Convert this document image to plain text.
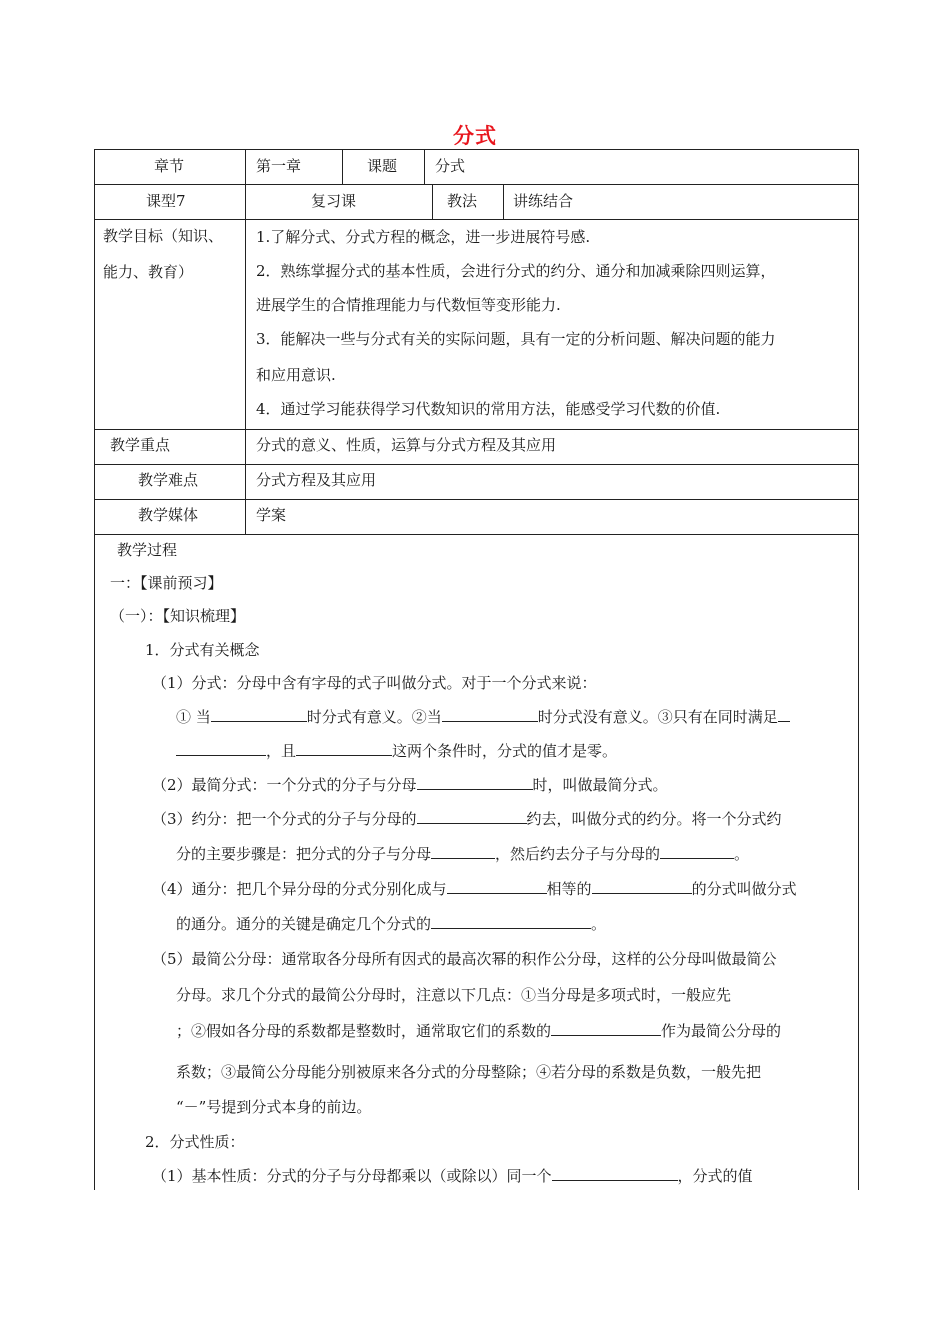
分式
章节	第一章	课题	分式
课型7	复习课	教法 讲练结合
教学目标（知识、
能力、教育）
1.了解分式、分式方程的概念，进一步进展符号感.
2．熟练掌握分式的基本性质，会进行分式的约分、通分和加减乘除四则运算，
进展学生的合情推理能力与代数恒等变形能力.
3．能解决一些与分式有关的实际问题，具有一定的分析问题、解决问题的能力
和应用意识.
4．通过学习能获得学习代数知识的常用方法，能感受学习代数的价值.
教学重点	分式的意义、性质，运算与分式方程及其应用
教学难点	分式方程及其应用
教学媒体	学案
教学过程
一：【课前预习】
（一）：【知识梳理】
1．分式有关概念
（1）分式：分母中含有字母的式子叫做分式。对于一个分式来说：
① 当	时分式有意义。②当	时分式没有意义。③只有在同时满足
，且	这两个条件时，分式的值才是零。
（2）最简分式：一个分式的分子与分母	时，叫做最简分式。
（3）约分：把一个分式的分子与分母的	约去，叫做分式的约分。将一个分式约
分的主要步骤是：把分式的分子与分母	，然后约去分子与分母的	。
（4）通分：把几个异分母的分式分别化成与	相等的	的分式叫做分式
的通分。通分的关键是确定几个分式的	。
（5）最简公分母：通常取各分母所有因式的最高次幂的积作公分母，这样的公分母叫做最简公
分母。求几个分式的最简公分母时，注意以下几点：①当分母是多项式时，一般应先
；②假如各分母的系数都是整数时，通常取它们的系数的	作为最简公分母的
系数；③最简公分母能分别被原来各分式的分母整除；④若分母的系数是负数，一般先把
“－”号提到分式本身的前边。
2．分式性质：
（1）基本性质：分式的分子与分母都乘以（或除以）同一个	，分式的值
